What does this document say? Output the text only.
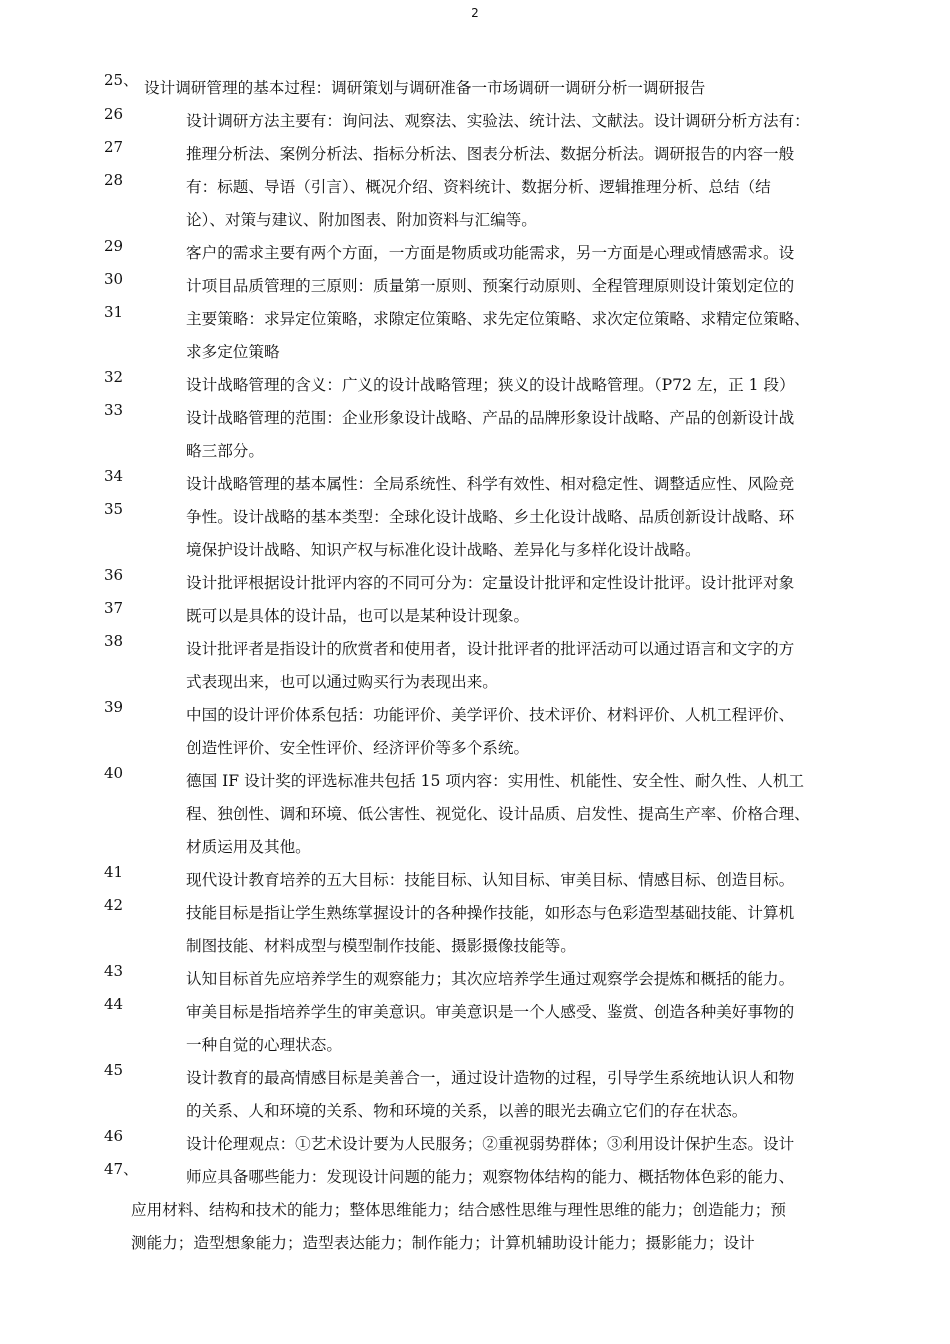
2
25、
26
27
28
29
30
31
32
33
34
35
36
37
38
39
40
41
42
43
44
45
46
47、
设计调研管理的基本过程：调研策划与调研准备一市场调研一调研分析一调研报告
设计调研方法主要有：询问法、观察法、实验法、统计法、文献法。设计调研分析方法有：
推理分析法、案例分析法、指标分析法、图表分析法、数据分析法。调研报告的内容一般
有：标题、导语（引言）、概况介绍、资料统计、数据分析、逻辑推理分析、总结（结
论）、对策与建议、附加图表、附加资料与汇编等。
客户的需求主要有两个方面，一方面是物质或功能需求，另一方面是心理或情感需求。设
计项目品质管理的三原则：质量第一原则、预案行动原则、全程管理原则设计策划定位的
主要策略：求异定位策略，求隙定位策略、求先定位策略、求次定位策略、求精定位策略、
求多定位策略
设计战略管理的含义：广义的设计战略管理；狭义的设计战略管理。（P72 左，正 1 段）
设计战略管理的范围：企业形象设计战略、产品的品牌形象设计战略、产品的创新设计战
略三部分。
设计战略管理的基本属性：全局系统性、科学有效性、相对稳定性、调整适应性、风险竞
争性。设计战略的基本类型：全球化设计战略、乡土化设计战略、品质创新设计战略、环
境保护设计战略、知识产权与标准化设计战略、差异化与多样化设计战略。
设计批评根据设计批评内容的不同可分为：定量设计批评和定性设计批评。设计批评对象
既可以是具体的设计品，也可以是某种设计现象。
设计批评者是指设计的欣赏者和使用者，设计批评者的批评活动可以通过语言和文字的方
式表现出来，也可以通过购买行为表现出来。
中国的设计评价体系包括：功能评价、美学评价、技术评价、材料评价、人机工程评价、
创造性评价、安全性评价、经济评价等多个系统。
德国 IF 设计奖的评选标准共包括 15 项内容：实用性、机能性、安全性、耐久性、人机工
程、独创性、调和环境、低公害性、视觉化、设计品质、启发性、提高生产率、价格合理、
材质运用及其他。
现代设计教育培养的五大目标：技能目标、认知目标、审美目标、情感目标、创造目标。
技能目标是指让学生熟练掌握设计的各种操作技能，如形态与色彩造型基础技能、计算机
制图技能、材料成型与模型制作技能、摄影摄像技能等。
认知目标首先应培养学生的观察能力；其次应培养学生通过观察学会提炼和概括的能力。
审美目标是指培养学生的审美意识。审美意识是一个人感受、鉴赏、创造各种美好事物的
一种自觉的心理状态。
设计教育的最高情感目标是美善合一，通过设计造物的过程，引导学生系统地认识人和物
的关系、人和环境的关系、物和环境的关系，以善的眼光去确立它们的存在状态。
设计伦理观点：①艺术设计要为人民服务；②重视弱势群体；③利用设计保护生态。设计
师应具备哪些能力：发现设计问题的能力；观察物体结构的能力、概括物体色彩的能力、
应用材料、结构和技术的能力；整体思维能力；结合感性思维与理性思维的能力；创造能力；预
测能力；造型想象能力；造型表达能力；制作能力；计算机辅助设计能力；摄影能力；设计
